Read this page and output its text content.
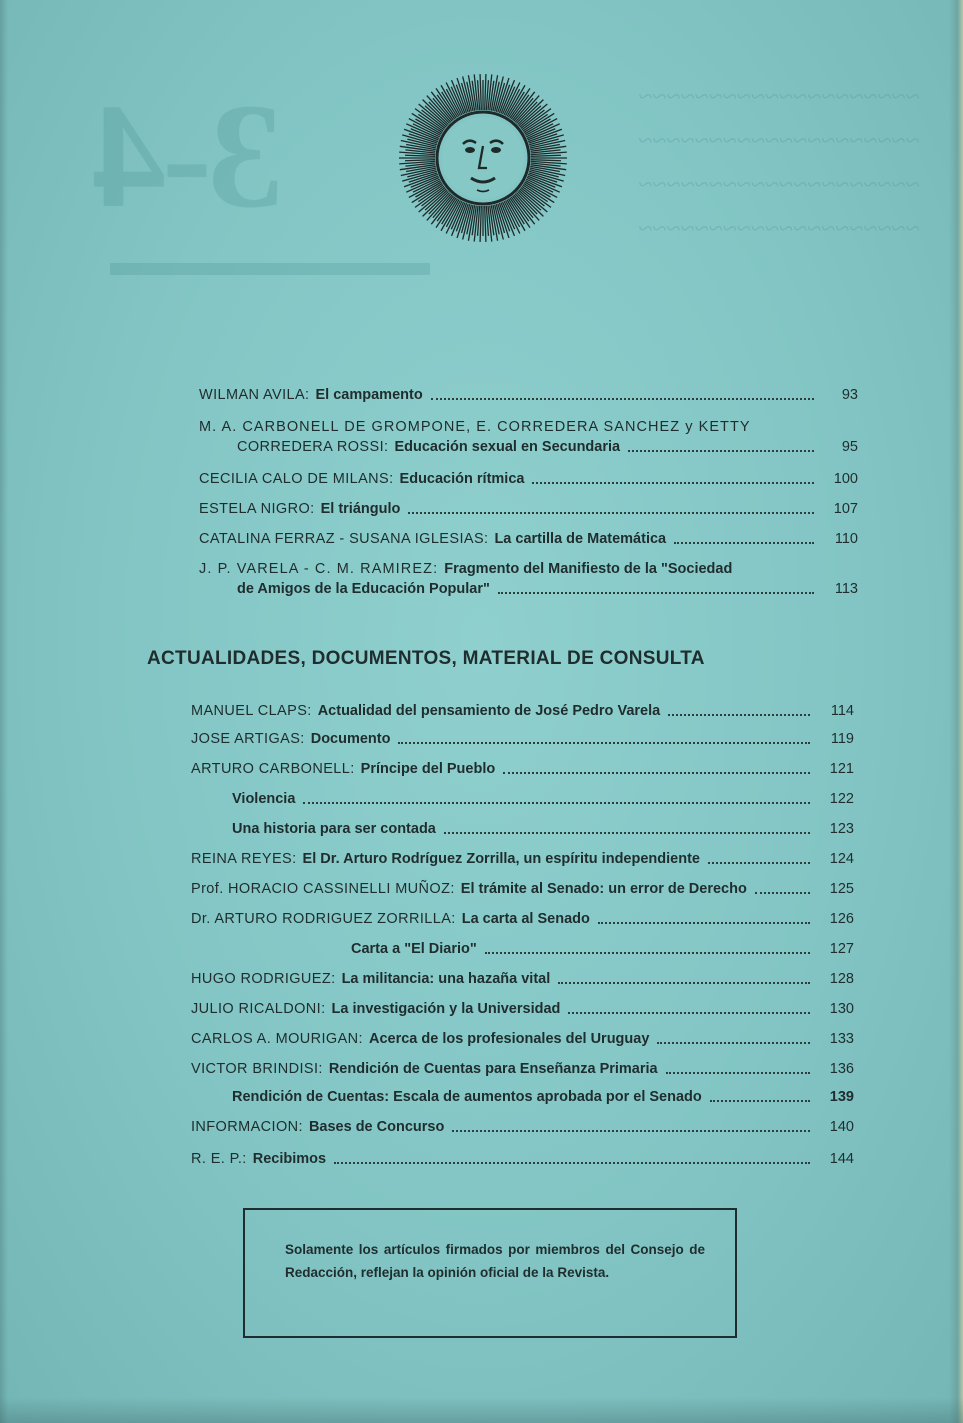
3-4	~~~~~~~~~~~~~~~~~~~~
~~~~~~~~~~~~~~~~~~~~
~~~~~~~~~~~~~~~~~~~~
~~~~~~~~~~~~~~~~~~~~
▬▬▬▬▬▬▬▬
WILMAN AVILA: El campamento	93
M. A. CARBONELL DE GROMPONE, E. CORREDERA SANCHEZ y KETTY
CORREDERA ROSSI: Educación sexual en Secundaria	95
CECILIA CALO DE MILANS: Educación rítmica	100
ESTELA NIGRO: El triángulo	107
CATALINA FERRAZ - SUSANA IGLESIAS: La cartilla de Matemática	110
J. P. VARELA - C. M. RAMIREZ: Fragmento del Manifiesto de la "Sociedad
de Amigos de la Educación Popular"	113
MANUEL CLAPS: Actualidad del pensamiento de José Pedro Varela	114
JOSE ARTIGAS: Documento	119
ARTURO CARBONELL: Príncipe del Pueblo	121
Violencia	122
Una historia para ser contada	123
REINA REYES: El Dr. Arturo Rodríguez Zorrilla, un espíritu independiente	124
Prof. HORACIO CASSINELLI MUÑOZ: El trámite al Senado: un error de Derecho	125
Dr. ARTURO RODRIGUEZ ZORRILLA: La carta al Senado	126
Carta a "El Diario"	127
HUGO RODRIGUEZ: La militancia: una hazaña vital	128
JULIO RICALDONI: La investigación y la Universidad	130
CARLOS A. MOURIGAN: Acerca de los profesionales del Uruguay	133
VICTOR BRINDISI: Rendición de Cuentas para Enseñanza Primaria	136
Rendición de Cuentas: Escala de aumentos aprobada por el Senado	139
INFORMACION: Bases de Concurso	140
R. E. P.: Recibimos	144
ACTUALIDADES, DOCUMENTOS, MATERIAL DE CONSULTA
Solamente los artículos firmados por miembros del Consejo de Redacción, reflejan la opinión oficial de la Revista.
